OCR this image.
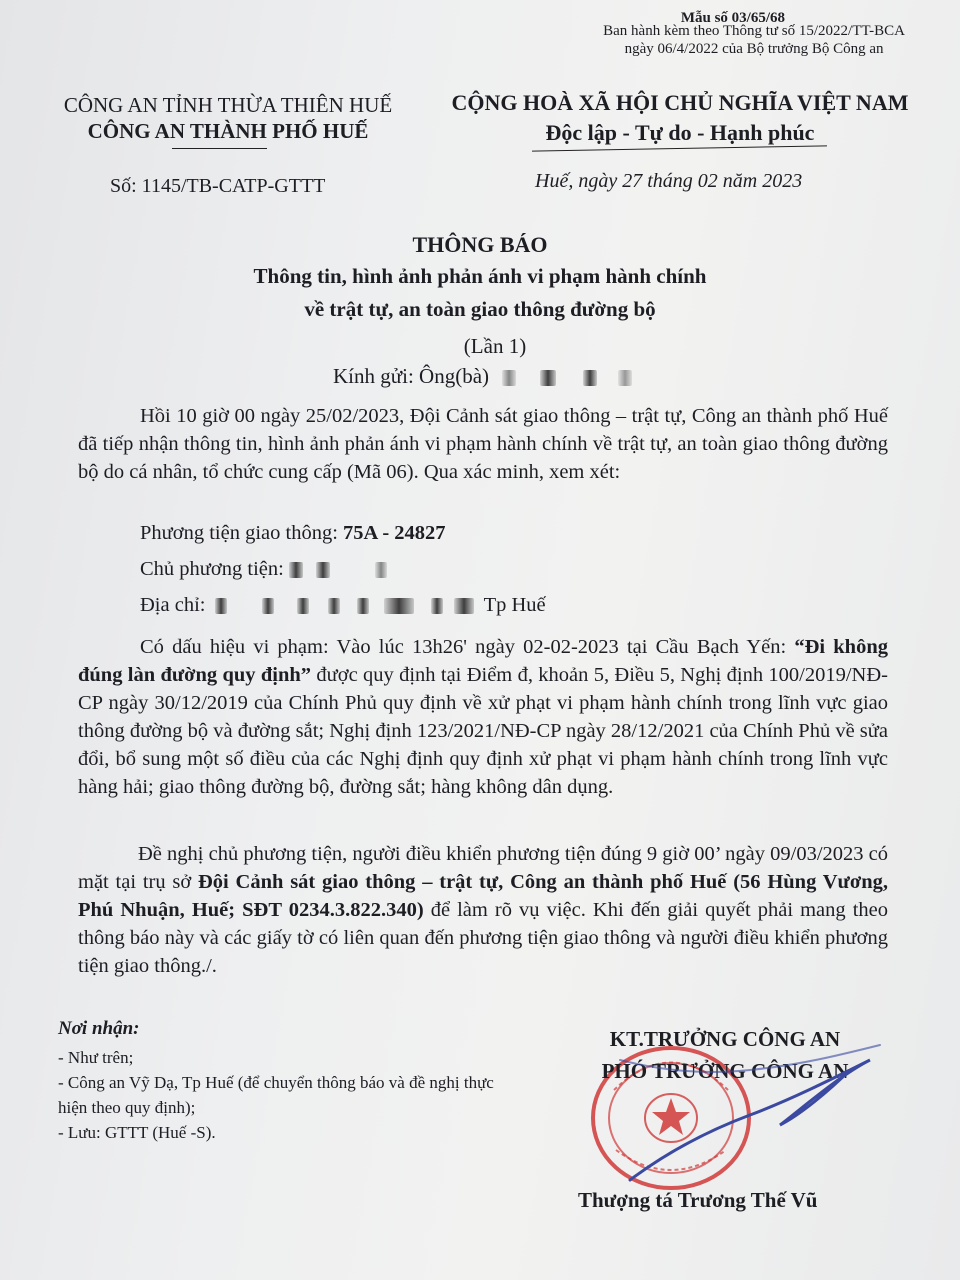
Mẫu số 03/65/68
Ban hành kèm theo Thông tư số 15/2022/TT-BCA
ngày 06/4/2022 của Bộ trưởng Bộ Công an
CÔNG AN TỈNH THỪA THIÊN HUẾ
CÔNG AN THÀNH PHỐ HUẾ
CỘNG HOÀ XÃ HỘI CHỦ NGHĨA VIỆT NAM
Độc lập - Tự do - Hạnh phúc
Số: 1145/TB-CATP-GTTT	Huế, ngày 27 tháng 02 năm 2023
THÔNG BÁO
Thông tin, hình ảnh phản ánh vi phạm hành chính
về trật tự, an toàn giao thông đường bộ
(Lần 1)
Kính gửi: Ông(bà)
Hồi 10 giờ 00 ngày 25/02/2023, Đội Cảnh sát giao thông – trật tự, Công an thành phố Huế đã tiếp nhận thông tin, hình ảnh phản ánh vi phạm hành chính về trật tự, an toàn giao thông đường bộ do cá nhân, tổ chức cung cấp (Mã 06). Qua xác minh, xem xét:
Phương tiện giao thông: 75A - 24827
Chủ phương tiện:
Địa chỉ:	Tp Huế
Có dấu hiệu vi phạm: Vào lúc 13h26' ngày 02-02-2023 tại Cầu Bạch Yến: “Đi không đúng làn đường quy định” được quy định tại Điểm đ, khoản 5, Điều 5, Nghị định 100/2019/NĐ-CP ngày 30/12/2019 của Chính Phủ quy định về xử phạt vi phạm hành chính trong lĩnh vực giao thông đường bộ và đường sắt; Nghị định 123/2021/NĐ-CP ngày 28/12/2021 của Chính Phủ về sửa đổi, bổ sung một số điều của các Nghị định quy định xử phạt vi phạm hành chính trong lĩnh vực hàng hải; giao thông đường bộ, đường sắt; hàng không dân dụng.
Đề nghị chủ phương tiện, người điều khiển phương tiện đúng 9 giờ 00’ ngày 09/03/2023 có mặt tại trụ sở Đội Cảnh sát giao thông – trật tự, Công an thành phố Huế (56 Hùng Vương, Phú Nhuận, Huế; SĐT 0234.3.822.340) để làm rõ vụ việc. Khi đến giải quyết phải mang theo thông báo này và các giấy tờ có liên quan đến phương tiện giao thông và người điều khiển phương tiện giao thông./.
Nơi nhận:
- Như trên;
- Công an Vỹ Dạ, Tp Huế (để chuyển thông báo và đề nghị thực hiện theo quy định);
- Lưu: GTTT (Huế -S).
KT.TRƯỞNG CÔNG AN
PHÓ TRƯỞNG CÔNG AN
Thượng tá Trương Thế Vũ
